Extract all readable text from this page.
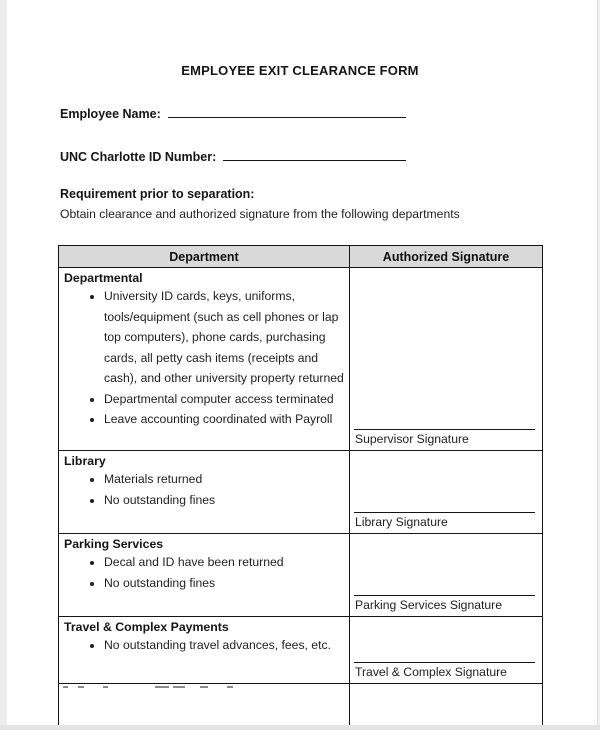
EMPLOYEE EXIT CLEARANCE FORM
Employee Name:
UNC Charlotte ID Number:
Requirement prior to separation:
Obtain clearance and authorized signature from the following departments
Department	Authorized Signature
Departmental
• University ID cards, keys, uniforms, tools/equipment (such as cell phones or lap top computers), phone cards, purchasing cards, all petty cash items (receipts and cash), and other university property returned
• Departmental computer access terminated
• Leave accounting coordinated with Payroll
Supervisor Signature
Library
• Materials returned
• No outstanding fines
Library Signature
Parking Services
• Decal and ID have been returned
• No outstanding fines
Parking Services Signature
Travel & Complex Payments
• No outstanding travel advances, fees, etc.
Travel & Complex Signature
